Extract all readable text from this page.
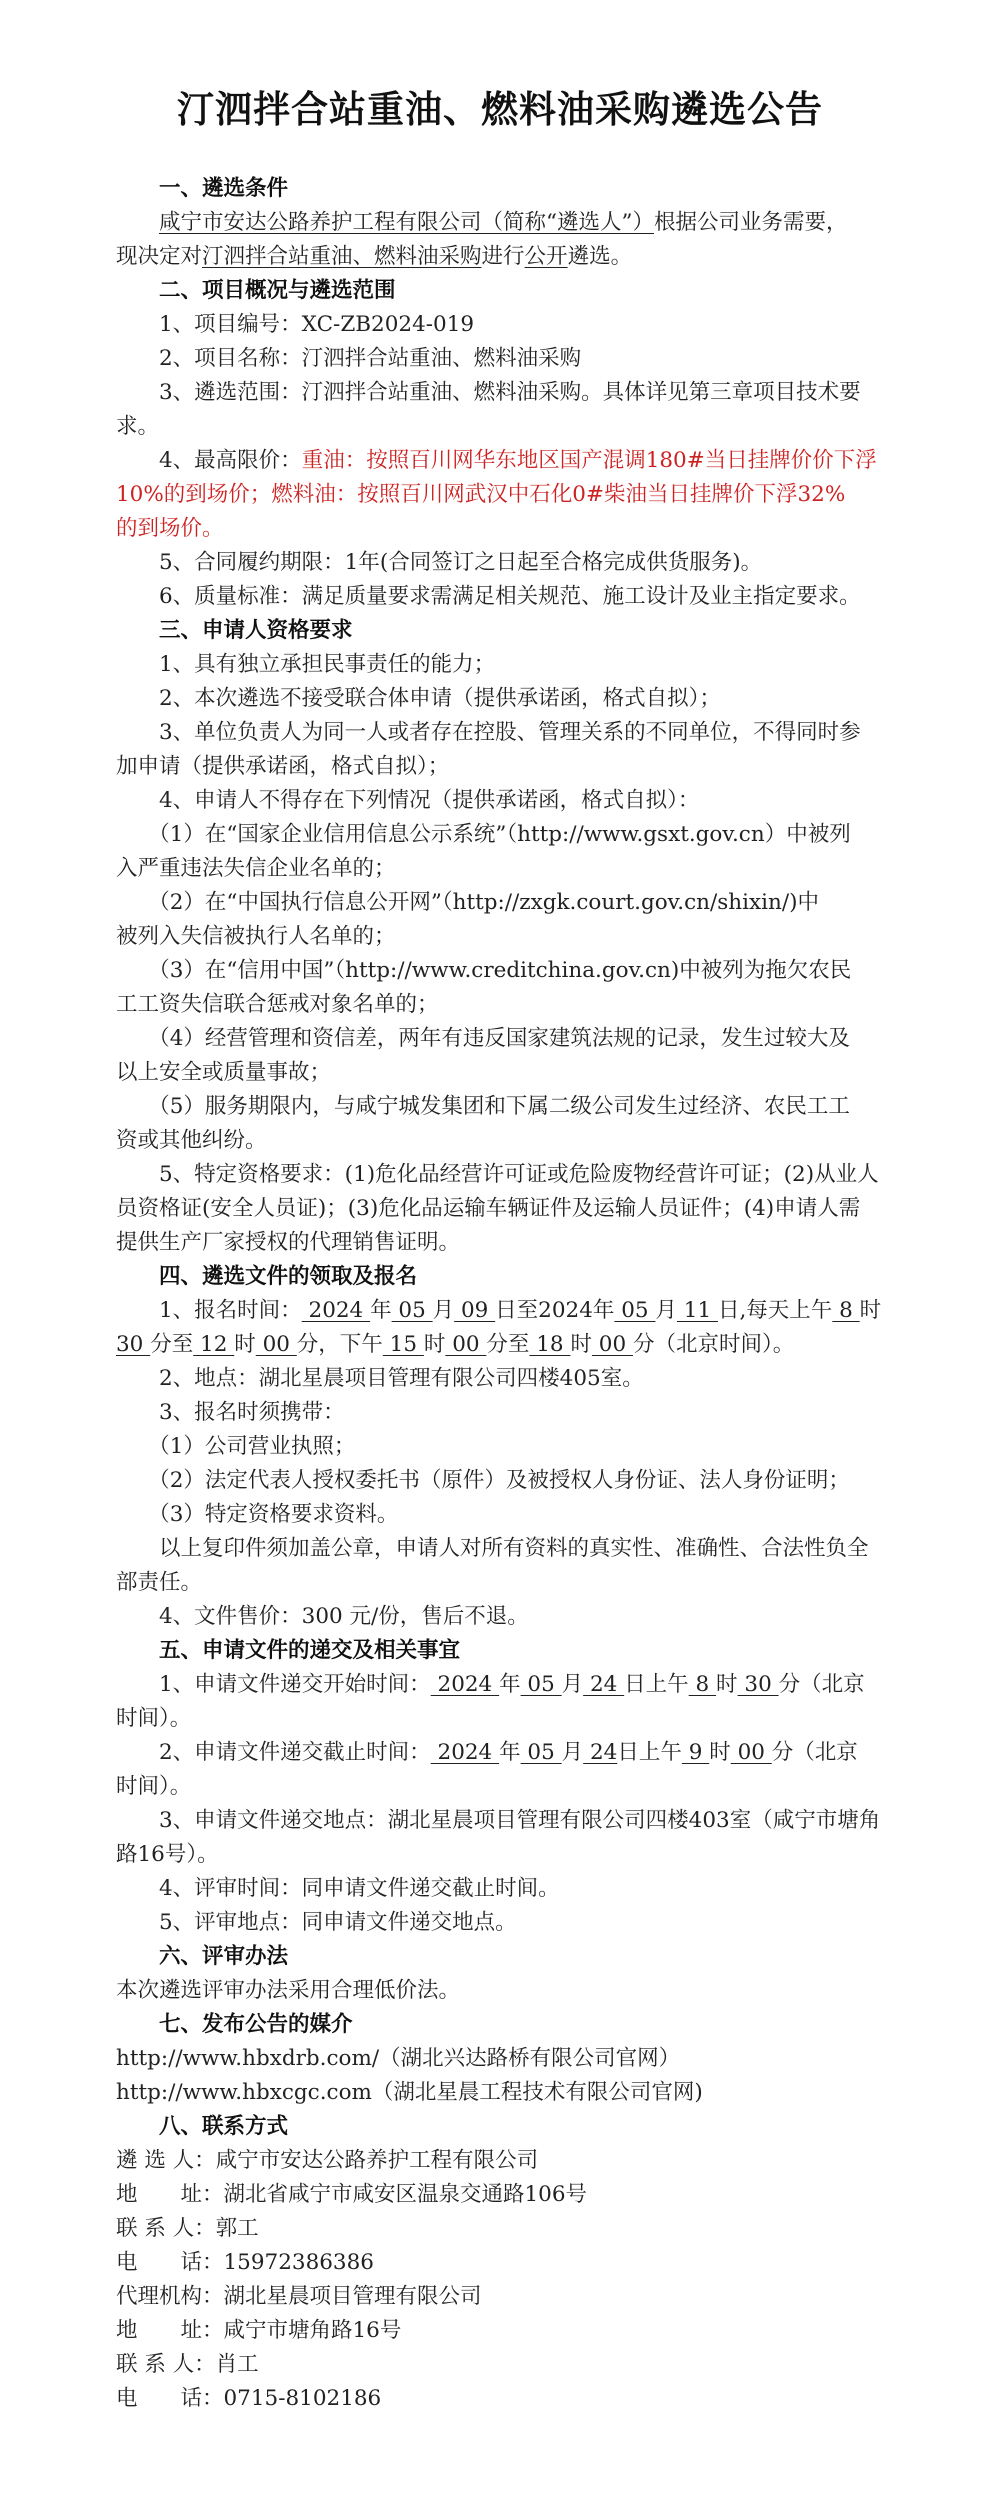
汀泗拌合站重油、燃料油采购遴选公告
一、遴选条件
咸宁市安达公路养护工程有限公司（简称“遴选人”）根据公司业务需要，
现决定对汀泗拌合站重油、燃料油采购进行公开遴选。
二、项目概况与遴选范围
1、项目编号：XC-ZB2024-019
2、项目名称：汀泗拌合站重油、燃料油采购
3、遴选范围：汀泗拌合站重油、燃料油采购。具体详见第三章项目技术要
求。
4、最高限价：重油：按照百川网华东地区国产混调180#当日挂牌价价下浮
10%的到场价；燃料油：按照百川网武汉中石化0#柴油当日挂牌价下浮32%
的到场价。
5、合同履约期限：1年(合同签订之日起至合格完成供货服务)。
6、质量标准：满足质量要求需满足相关规范、施工设计及业主指定要求。
三、申请人资格要求
1、具有独立承担民事责任的能力；
2、本次遴选不接受联合体申请（提供承诺函，格式自拟）；
3、单位负责人为同一人或者存在控股、管理关系的不同单位，不得同时参
加申请（提供承诺函，格式自拟）；
4、申请人不得存在下列情况（提供承诺函，格式自拟）：
（1）在“国家企业信用信息公示系统”（http://www.gsxt.gov.cn）中被列
入严重违法失信企业名单的；
（2）在“中国执行信息公开网”（http://zxgk.court.gov.cn/shixin/)中
被列入失信被执行人名单的；
（3）在“信用中国”（http://www.creditchina.gov.cn)中被列为拖欠农民
工工资失信联合惩戒对象名单的；
（4）经营管理和资信差，两年有违反国家建筑法规的记录，发生过较大及
以上安全或质量事故；
（5）服务期限内，与咸宁城发集团和下属二级公司发生过经济、农民工工
资或其他纠纷。
5、特定资格要求：(1)危化品经营许可证或危险废物经营许可证；(2)从业人
员资格证(安全人员证)；(3)危化品运输车辆证件及运输人员证件；(4)申请人需
提供生产厂家授权的代理销售证明。
四、遴选文件的领取及报名
1、报名时间： 2024 年 05 月 09 日至2024年 05 月 11 日,每天上午 8 时
30 分至 12 时 00 分，下午 15 时 00 分至 18 时 00 分（北京时间）。
2、地点：湖北星晨项目管理有限公司四楼405室。
3、报名时须携带：
（1）公司营业执照；
（2）法定代表人授权委托书（原件）及被授权人身份证、法人身份证明；
（3）特定资格要求资料。
以上复印件须加盖公章，申请人对所有资料的真实性、准确性、合法性负全
部责任。
4、文件售价：300 元/份，售后不退。
五、申请文件的递交及相关事宜
1、申请文件递交开始时间： 2024 年 05 月 24 日上午 8 时 30 分（北京
时间）。
2、申请文件递交截止时间： 2024 年 05 月 24日上午 9 时 00 分（北京
时间）。
3、申请文件递交地点：湖北星晨项目管理有限公司四楼403室（咸宁市塘角
路16号）。
4、评审时间：同申请文件递交截止时间。
5、评审地点：同申请文件递交地点。
六、评审办法
本次遴选评审办法采用合理低价法。
七、发布公告的媒介
http://www.hbxdrb.com/（湖北兴达路桥有限公司官网）
http://www.hbxcgc.com（湖北星晨工程技术有限公司官网)
八、联系方式
遴 选 人：咸宁市安达公路养护工程有限公司
地　　址：湖北省咸宁市咸安区温泉交通路106号
联 系 人：郭工
电　　话：15972386386
代理机构：湖北星晨项目管理有限公司
地　　址：咸宁市塘角路16号
联 系 人：肖工
电　　话：0715-8102186
